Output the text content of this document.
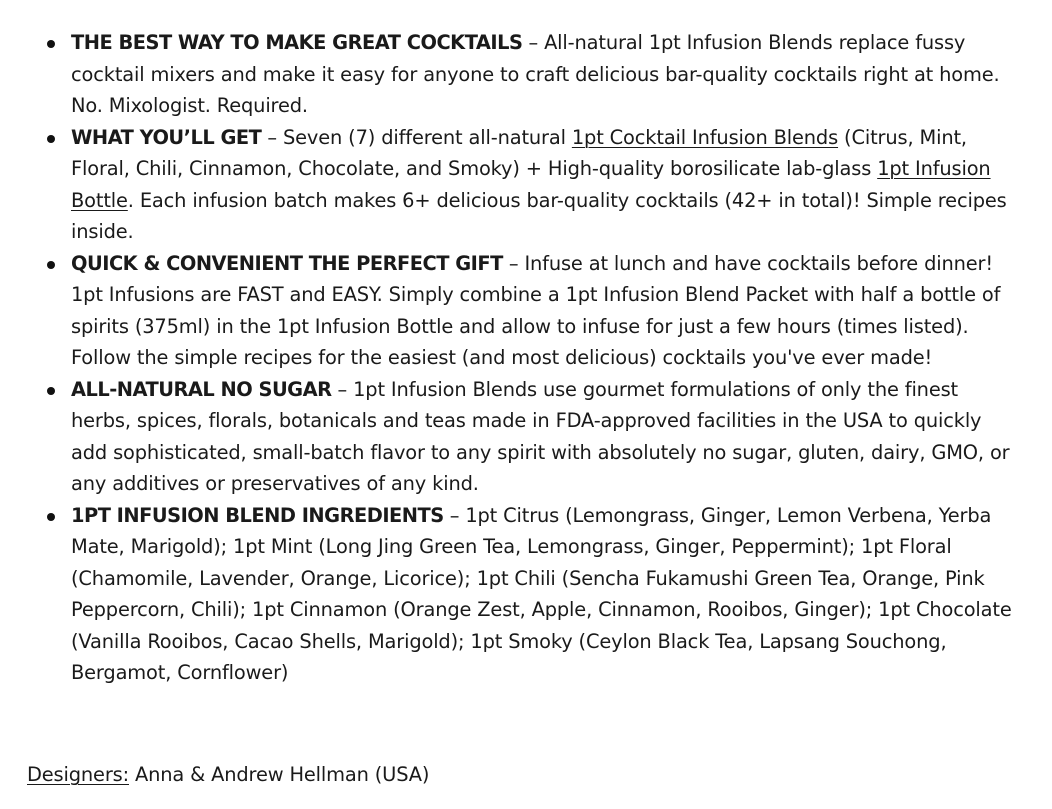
THE BEST WAY TO MAKE GREAT COCKTAILS – All-natural 1pt Infusion Blends replace fussy cocktail mixers and make it easy for anyone to craft delicious bar-quality cocktails right at home. No. Mixologist. Required.
WHAT YOU’LL GET – Seven (7) different all-natural 1pt Cocktail Infusion Blends (Citrus, Mint, Floral, Chili, Cinnamon, Chocolate, and Smoky) + High-quality borosilicate lab-glass 1pt Infusion Bottle. Each infusion batch makes 6+ delicious bar-quality cocktails (42+ in total)! Simple recipes inside.
QUICK & CONVENIENT THE PERFECT GIFT – Infuse at lunch and have cocktails before dinner! 1pt Infusions are FAST and EASY. Simply combine a 1pt Infusion Blend Packet with half a bottle of spirits (375ml) in the 1pt Infusion Bottle and allow to infuse for just a few hours (times listed). Follow the simple recipes for the easiest (and most delicious) cocktails you've ever made!
ALL-NATURAL NO SUGAR – 1pt Infusion Blends use gourmet formulations of only the finest herbs, spices, florals, botanicals and teas made in FDA-approved facilities in the USA to quickly add sophisticated, small-batch flavor to any spirit with absolutely no sugar, gluten, dairy, GMO, or any additives or preservatives of any kind.
1PT INFUSION BLEND INGREDIENTS – 1pt Citrus (Lemongrass, Ginger, Lemon Verbena, Yerba Mate, Marigold); 1pt Mint (Long Jing Green Tea, Lemongrass, Ginger, Peppermint); 1pt Floral (Chamomile, Lavender, Orange, Licorice); 1pt Chili (Sencha Fukamushi Green Tea, Orange, Pink Peppercorn, Chili); 1pt Cinnamon (Orange Zest, Apple, Cinnamon, Rooibos, Ginger); 1pt Chocolate (Vanilla Rooibos, Cacao Shells, Marigold); 1pt Smoky (Ceylon Black Tea, Lapsang Souchong, Bergamot, Cornflower)
Designers: Anna & Andrew Hellman (USA)
